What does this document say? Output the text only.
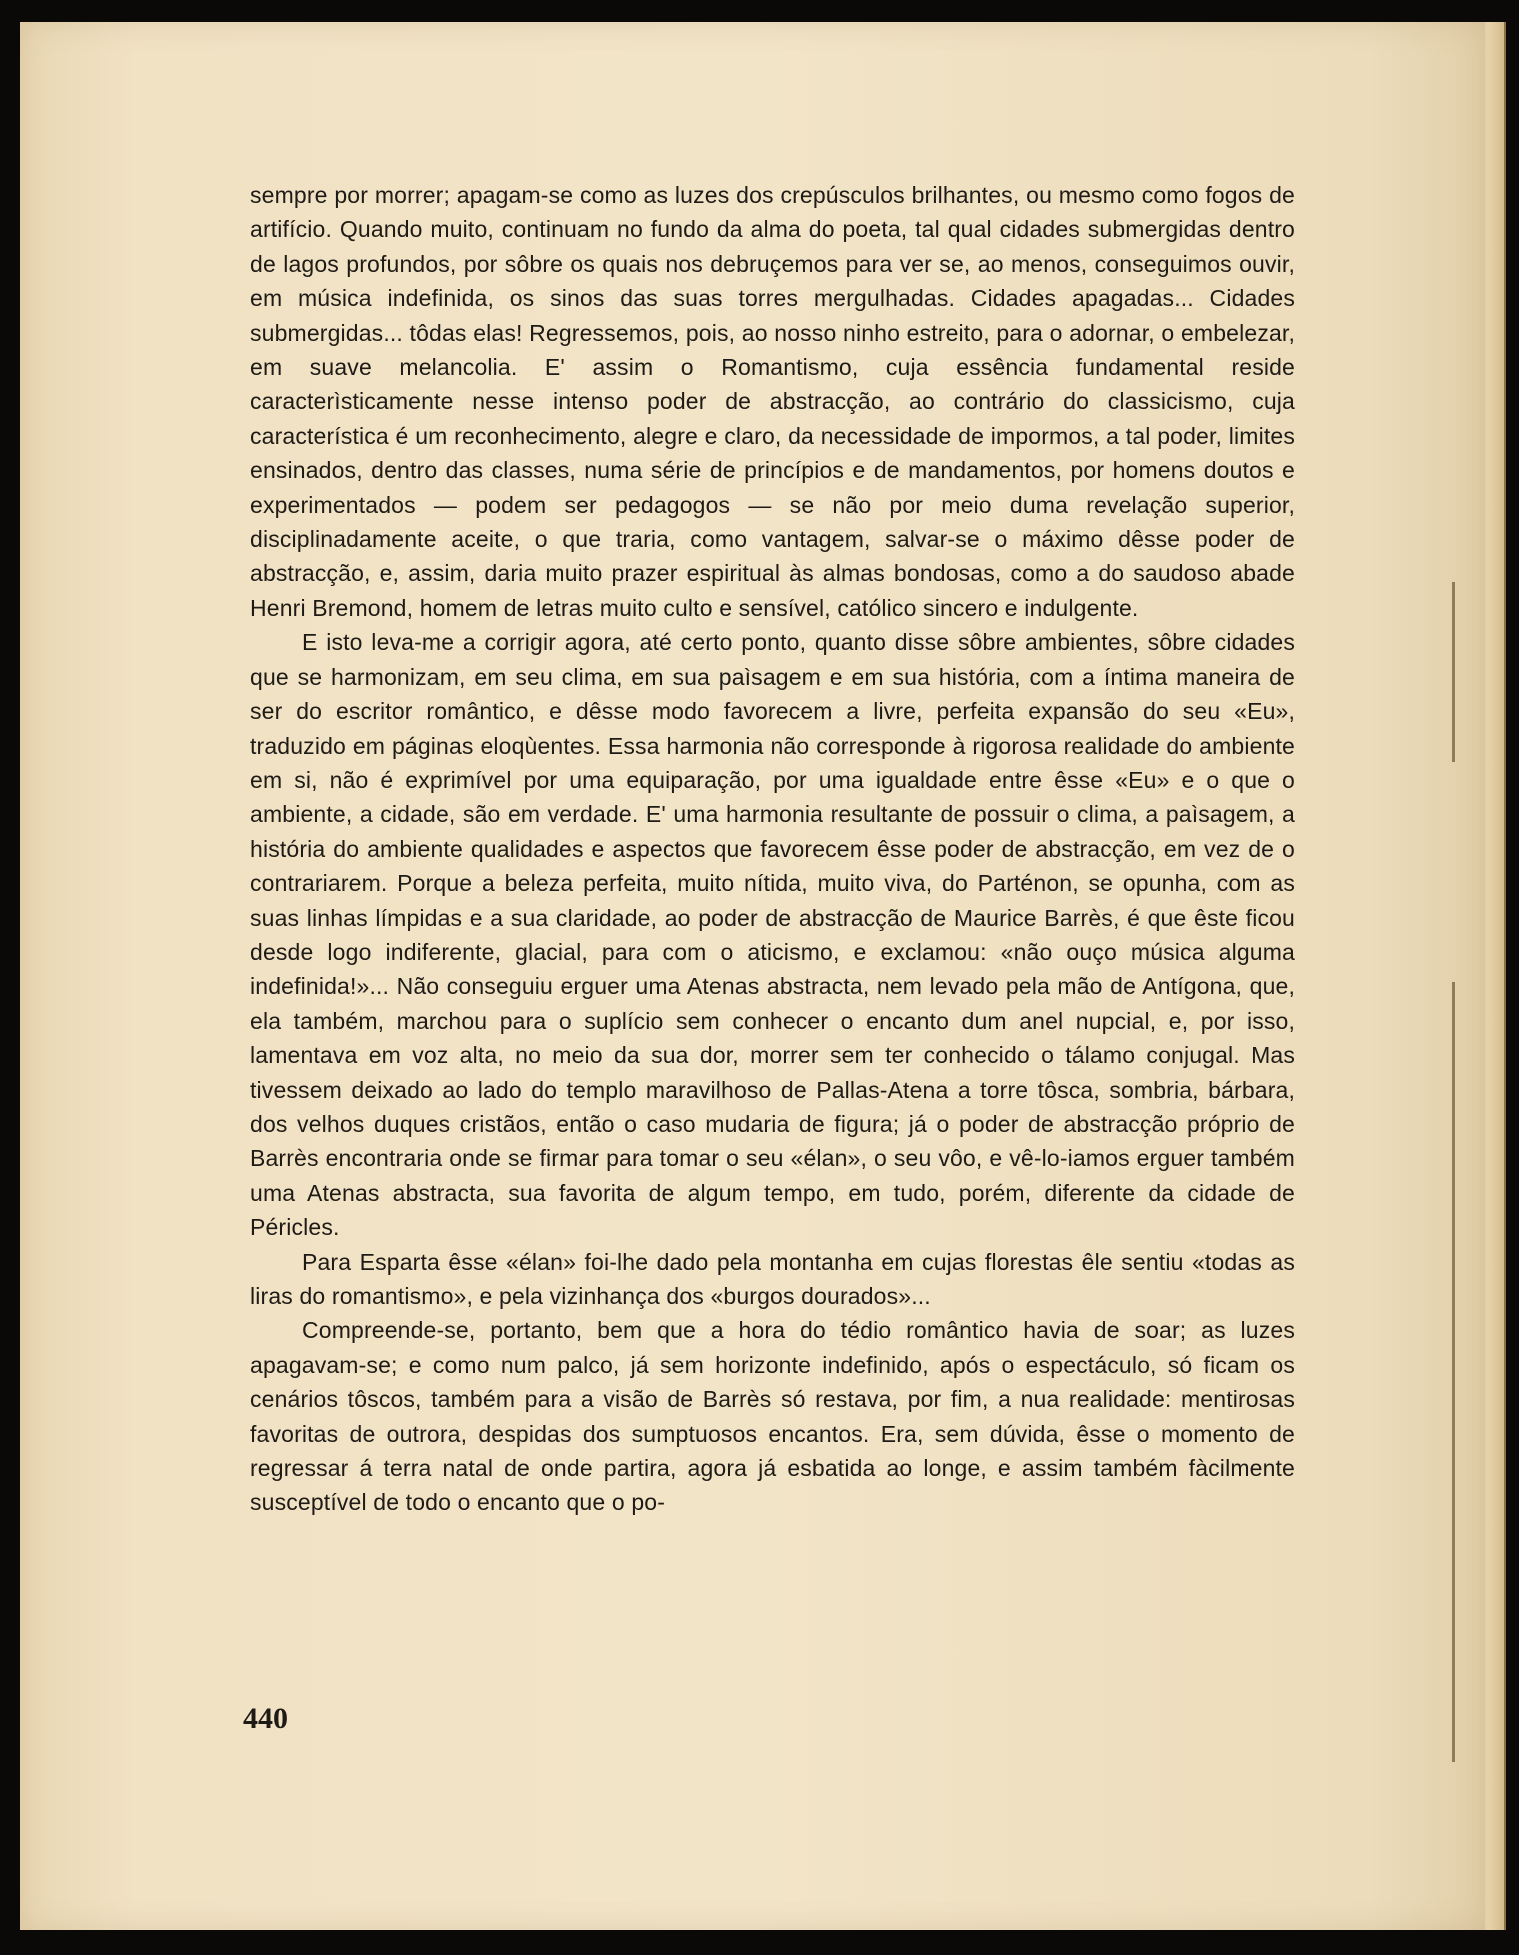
sempre por morrer; apagam-se como as luzes dos crepúsculos brilhantes, ou mesmo como fogos de artifício. Quando muito, continuam no fundo da alma do poeta, tal qual cidades submergidas dentro de lagos profundos, por sôbre os quais nos debruçemos para ver se, ao menos, conseguimos ouvir, em música indefinida, os sinos das suas torres mergulhadas. Cidades apagadas... Cidades submergidas... tôdas elas! Regressemos, pois, ao nosso ninho estreito, para o adornar, o embelezar, em suave melancolia. E' assim o Romantismo, cuja essência fundamental reside caracterìsticamente nesse intenso poder de abstracção, ao contrário do classicismo, cuja característica é um reconhecimento, alegre e claro, da necessidade de impormos, a tal poder, limites ensinados, dentro das classes, numa série de princípios e de mandamentos, por homens doutos e experimentados — podem ser pedagogos — se não por meio duma revelação superior, disciplinadamente aceite, o que traria, como vantagem, salvar-se o máximo dêsse poder de abstracção, e, assim, daria muito prazer espiritual às almas bondosas, como a do saudoso abade Henri Bremond, homem de letras muito culto e sensível, católico sincero e indulgente.

E isto leva-me a corrigir agora, até certo ponto, quanto disse sôbre ambientes, sôbre cidades que se harmonizam, em seu clima, em sua paìsagem e em sua história, com a íntima maneira de ser do escritor romântico, e dêsse modo favorecem a livre, perfeita expansão do seu «Eu», traduzido em páginas eloqùentes. Essa harmonia não corresponde à rigorosa realidade do ambiente em si, não é exprimível por uma equiparação, por uma igualdade entre êsse «Eu» e o que o ambiente, a cidade, são em verdade. E' uma harmonia resultante de possuir o clima, a paìsagem, a história do ambiente qualidades e aspectos que favorecem êsse poder de abstracção, em vez de o contrariarem. Porque a beleza perfeita, muito nítida, muito viva, do Parténon, se opunha, com as suas linhas límpidas e a sua claridade, ao poder de abstracção de Maurice Barrès, é que êste ficou desde logo indiferente, glacial, para com o aticismo, e exclamou: «não ouço música alguma indefinida!»... Não conseguiu erguer uma Atenas abstracta, nem levado pela mão de Antígona, que, ela também, marchou para o suplício sem conhecer o encanto dum anel nupcial, e, por isso, lamentava em voz alta, no meio da sua dor, morrer sem ter conhecido o tálamo conjugal. Mas tivessem deixado ao lado do templo maravilhoso de Pallas-Atena a torre tôsca, sombria, bárbara, dos velhos duques cristãos, então o caso mudaria de figura; já o poder de abstracção próprio de Barrès encontraria onde se firmar para tomar o seu «élan», o seu vôo, e vê-lo-iamos erguer também uma Atenas abstracta, sua favorita de algum tempo, em tudo, porém, diferente da cidade de Péricles.

Para Esparta êsse «élan» foi-lhe dado pela montanha em cujas florestas êle sentiu «todas as liras do romantismo», e pela vizinhança dos «burgos dourados»...

Compreende-se, portanto, bem que a hora do tédio romântico havia de soar; as luzes apagavam-se; e como num palco, já sem horizonte indefinido, após o espectáculo, só ficam os cenários tôscos, também para a visão de Barrès só restava, por fim, a nua realidade: mentirosas favoritas de outrora, despidas dos sumptuosos encantos. Era, sem dúvida, êsse o momento de regressar á terra natal de onde partira, agora já esbatida ao longe, e assim também fàcilmente susceptível de todo o encanto que o po-

440
